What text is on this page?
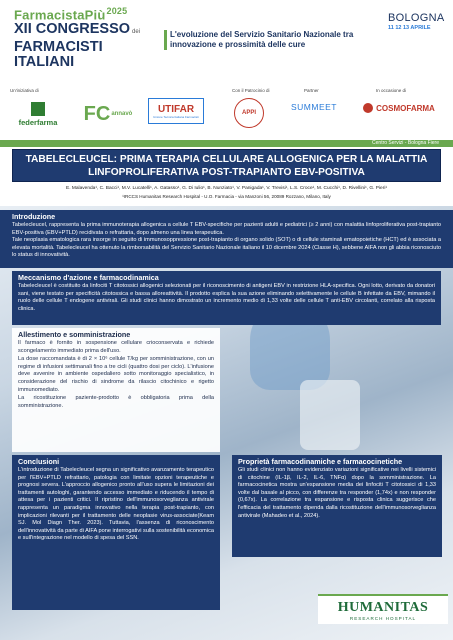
FarmacistaPiù$^{2025}$
XII CONGRESSO dei
FARMACISTI
ITALIANI
L'evoluzione del Servizio Sanitario Nazionale tra innovazione e prossimità delle cure
BOLOGNA
11 12 13 APRILE
Un'iniziativa di	Con il Patrocinio di	Partner	In occasione di
federfarma FC annavò	UTIFAR
Unione Tecnica Italiana Farmacisti
APPI
SUMMEET	COSMOFARMA
Centro Servizi - Bologna Fiere

TABELECLEUCEL: PRIMA TERAPIA CELLULARE ALLOGENICA PER LA MALATTIA LINFOPROLIFERATIVA POST-TRAPIANTO EBV-POSITIVA

E. Malavenda¹, C. Bacci¹, M.V. Lucatelli¹, A. Gatasso¹, G. Di Iulio¹, B. Nunziato¹, V. Panigada¹, V. Trevisi¹, L.S. Croce¹, M. Cucchi¹, D. Rivellini¹, G. Pieri¹
¹IRCCS Humanitas Research Hospital - U.O. Farmacia - via Manzoni 56, 20089 Rozzano, Milano, Italy
Introduzione

Tabelecleucel, rappresenta la prima immunoterapia allogenica a cellule T EBV-specifiche per pazienti adulti e pediatrici (≥ 2 anni) con malattia linfoproliferativa post-trapianto EBV-positiva (EBV+PTLD) recidivata o refrattaria, dopo almeno una linea terapeutica.

Tale neoplasia ematologica rara insorge in seguito di immunosoppressione post-trapianto di organo solido (SOT) o di cellule staminali ematopoietiche (HCT) ed è associata a elevata mortalità. Tabelecleucel ha ottenuto la rimborsabilità del Servizio Sanitario Nazionale italiano il 10 dicembre 2024 (Classe H), sebbene AIFA non gli abbia riconosciuto lo status di innovatività.

Meccanismo d'azione e farmacodinamica

Tabelecleucel è costituito da linfociti T citotossici allogenici selezionati per il riconoscimento di antigeni EBV in restrizione HLA-specifica. Ogni lotto, derivato da donatori sani, viene testato per specificità citotossica e bassa alloreattività. Il prodotto esplica la sua azione eliminando selettivamente le cellule B infettate da EBV, mimando il ruolo delle cellule T endogene antivirali. Gli studi clinici hanno dimostrato un incremento medio di 1,33 volte delle cellule T anti-EBV circolanti, correlato alla risposta clinica.

Allestimento e somministrazione

Il farmaco è fornito in sospensione cellulare crioconservata e richiede scongelamento immediato prima dell'uso.

La dose raccomandata è di 2 × 10⁶ cellule T/kg per somministrazione, con un regime di infusioni settimanali fino a tre cicli (quattro dosi per ciclo). L'infusione deve avvenire in ambiente ospedaliero sotto monitoraggio specialistico, in considerazione del rischio di sindrome da rilascio citochinico e rigetto immunomediato.

La ricostituzione paziente-prodotto è obbligatoria prima della somministrazione.

Conclusioni

L'introduzione di Tabelecleucel segna un significativo avanzamento terapeutico per l'EBV+PTLD refrattario, patologia con limitate opzioni terapeutiche e prognosi severa. L'approccio allogenico pronto all'uso supera le limitazioni dei trattamenti autologhi, garantendo accesso immediato e riducendo il tempo di attesa per i pazienti critici. Il ripristino dell'immunosorveglianza antivirale rappresenta un paradigma innovativo nella terapia post-trapianto, con implicazioni rilevanti per il trattamento delle neoplasie virus-associate(Keam SJ. Mol Diagn Ther. 2023). Tuttavia, l'assenza di riconoscimento dell'innovatività da parte di AIFA pone interrogativi sulla sostenibilità economica e sull'integrazione nel modello di spesa del SSN.

Proprietà farmacodinamiche e farmacocinetiche

Gli studi clinici non hanno evidenziato variazioni significative nei livelli sistemici di citochine (IL-1β, IL-2, IL-6, TNFα) dopo la somministrazione. La farmacocinetica mostra un'espansione media dei linfociti T citotossici di 1,33 volte dal basale al picco, con differenze tra responder (1,74x) e non responder (0,67x). La correlazione tra espansione e risposta clinica suggerisce che l'efficacia del trattamento dipenda dalla ricostituzione dell'immunosorveglianza antivirale (Mahadeo et al., 2024).

HUMANITAS
RESEARCH HOSPITAL
